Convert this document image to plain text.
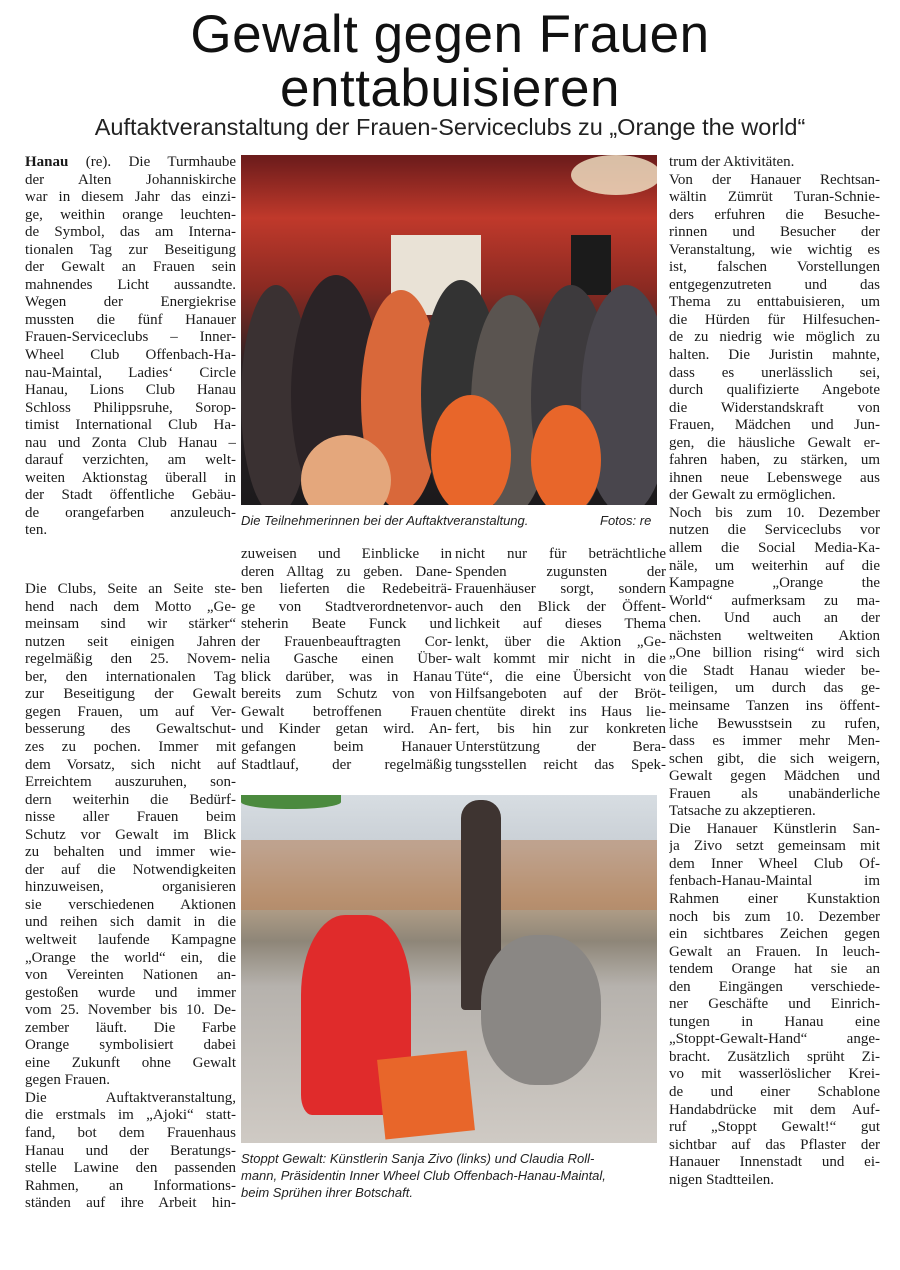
Gewalt gegen Frauen
enttabuisieren
Auftaktveranstaltung der Frauen-Serviceclubs zu „Orange the world“
Hanau (re). Die Turmhaube
der Alten Johanniskirche
war in diesem Jahr das einzi-
ge, weithin orange leuchten-
de Symbol, das am Interna-
tionalen Tag zur Beseitigung
der Gewalt an Frauen sein
mahnendes Licht aussandte.
Wegen der Energiekrise
mussten die fünf Hanauer
Frauen-Serviceclubs – Inner-
Wheel Club Offenbach-Ha-
nau-Maintal, Ladies‘ Circle
Hanau, Lions Club Hanau
Schloss Philippsruhe, Sorop-
timist International Club Ha-
nau und Zonta Club Hanau –
darauf verzichten, am welt-
weiten Aktionstag überall in
der Stadt öffentliche Gebäu-
de orangefarben anzuleuch-
ten.
Die Clubs, Seite an Seite ste-
hend nach dem Motto „Ge-
meinsam sind wir stärker“
nutzen seit einigen Jahren
regelmäßig den 25. Novem-
ber, den internationalen Tag
zur Beseitigung der Gewalt
gegen Frauen, um auf Ver-
besserung des Gewaltschut-
zes zu pochen. Immer mit
dem Vorsatz, sich nicht auf
Erreichtem auszuruhen, son-
dern weiterhin die Bedürf-
nisse aller Frauen beim
Schutz vor Gewalt im Blick
zu behalten und immer wie-
der auf die Notwendigkeiten
hinzuweisen, organisieren
sie verschiedenen Aktionen
und reihen sich damit in die
weltweit laufende Kampagne
„Orange the world“ ein, die
von Vereinten Nationen an-
gestoßen wurde und immer
vom 25. November bis 10. De-
zember läuft. Die Farbe
Orange symbolisiert dabei
eine Zukunft ohne Gewalt
gegen Frauen.
Die Auftaktveranstaltung,
die erstmals im „Ajoki“ statt-
fand, bot dem Frauenhaus
Hanau und der Beratungs-
stelle Lawine den passenden
Rahmen, an Informations-
ständen auf ihre Arbeit hin-
zuweisen und Einblicke in
deren Alltag zu geben. Dane-
ben lieferten die Redebeiträ-
ge von Stadtverordnetenvor-
steherin Beate Funck und
der Frauenbeauftragten Cor-
nelia Gasche einen Über-
blick darüber, was in Hanau
bereits zum Schutz von von
Gewalt betroffenen Frauen
und Kinder getan wird. An-
gefangen beim Hanauer
Stadtlauf, der regelmäßig
nicht nur für beträchtliche
Spenden zugunsten der
Frauenhäuser sorgt, sondern
auch den Blick der Öffent-
lichkeit auf dieses Thema
lenkt, über die Aktion „Ge-
walt kommt mir nicht in die
Tüte“, die eine Übersicht von
Hilfsangeboten auf der Bröt-
chentüte direkt ins Haus lie-
fert, bis hin zur konkreten
Unterstützung der Bera-
tungsstellen reicht das Spek-
trum der Aktivitäten.
Von der Hanauer Rechtsan-
wältin Zümrüt Turan-Schnie-
ders erfuhren die Besuche-
rinnen und Besucher der
Veranstaltung, wie wichtig es
ist, falschen Vorstellungen
entgegenzutreten und das
Thema zu enttabuisieren, um
die Hürden für Hilfesuchen-
de zu niedrig wie möglich zu
halten. Die Juristin mahnte,
dass es unerlässlich sei,
durch qualifizierte Angebote
die Widerstandskraft von
Frauen, Mädchen und Jun-
gen, die häusliche Gewalt er-
fahren haben, zu stärken, um
ihnen neue Lebenswege aus
der Gewalt zu ermöglichen.
Noch bis zum 10. Dezember
nutzen die Serviceclubs vor
allem die Social Media-Ka-
näle, um weiterhin auf die
Kampagne „Orange the
World“ aufmerksam zu ma-
chen. Und auch an der
nächsten weltweiten Aktion
„One billion rising“ wird sich
die Stadt Hanau wieder be-
teiligen, um durch das ge-
meinsame Tanzen ins öffent-
liche Bewusstsein zu rufen,
dass es immer mehr Men-
schen gibt, die sich weigern,
Gewalt gegen Mädchen und
Frauen als unabänderliche
Tatsache zu akzeptieren.
Die Hanauer Künstlerin San-
ja Zivo setzt gemeinsam mit
dem Inner Wheel Club Of-
fenbach-Hanau-Maintal im
Rahmen einer Kunstaktion
noch bis zum 10. Dezember
ein sichtbares Zeichen gegen
Gewalt an Frauen. In leuch-
tendem Orange hat sie an
den Eingängen verschiede-
ner Geschäfte und Einrich-
tungen in Hanau eine
„Stoppt-Gewalt-Hand“ ange-
bracht. Zusätzlich sprüht Zi-
vo mit wasserlöslicher Krei-
de und einer Schablone
Handabdrücke mit dem Auf-
ruf „Stoppt Gewalt!“ gut
sichtbar auf das Pflaster der
Hanauer Innenstadt und ei-
nigen Stadtteilen.
Die Teilnehmerinnen bei der Auftaktveranstaltung.	Fotos: re
Stoppt Gewalt: Künstlerin Sanja Zivo (links) und Claudia Roll-
mann, Präsidentin Inner Wheel Club Offenbach-Hanau-Maintal,
beim Sprühen ihrer Botschaft.
